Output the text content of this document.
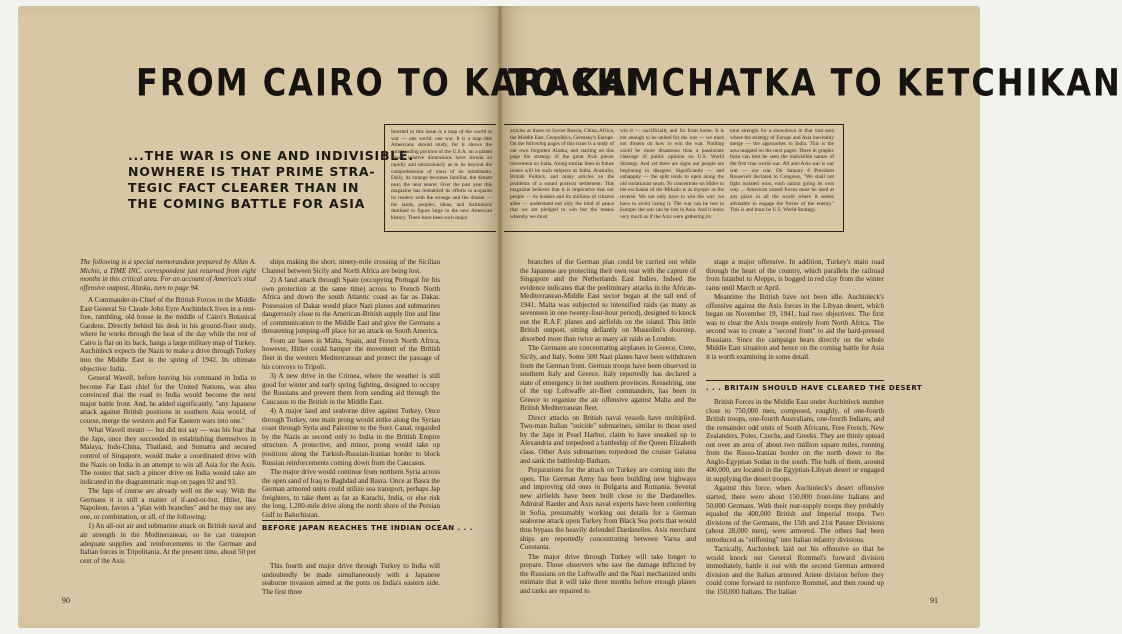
FROM CAIRO TO KARACHI
TO KAMCHATKA TO KETCHIKAN
...THE WAR IS ONE AND INDIVISIBLE.
NOWHERE IS THAT PRIME STRA-
TEGIC FACT CLEARER THAN IN
THE COMING BATTLE FOR ASIA
Inserted in this issue is a map of the world at war — one world, one war. It is a map that Americans should study, for it shows the commanding position of the U.S.A. on a planet whose relative dimensions have shrunk so rapidly and miraculously as to be beyond the comprehension of most of its inhabitants. Daily, its strange becomes familiar, the distant near, the near nearer. Over the past year this magazine has redoubled its efforts to acquaint its readers with the strange and the distant — the lands, peoples, ideas, and institutions destined to figure large in the new American history. There have been such major
articles as those on Soviet Russia, China, Africa, the Middle East, Geopolitics, Germany's Europe. On the following pages of this issue is a study of our own forgotten Alaska, and starting on this page the strategy of the great Axis pincer movement on India. Along similar lines in future issues will be such subjects as India, Australia, British Politics, and many articles on the problems of a sound postwar settlement. This magazine believes that it is imperative that our people — its leaders and its millions of citizens alike — understand not only the kind of peace that we are pledged to win but the means whereby we must
win it — sacrificially and far from home. It is not enough to be united for the war — we must not dissent on how to win the war. Nothing could be more disastrous than a passionate cleavage of public opinion on U.S. World Strategy. And yet there are signs our people are beginning to disagree. Significantly — and unhappily — the split tends to open along the old isolationist seam. To concentrate on Hitler to the exclusion of the Mikado is as myopic as the reverse. We not only have to win the war: we have to avoid losing it. The war can be lost in Europe; the war can be lost in Asia. And it looks very much as if the Axis were gathering its
total strength for a showdown in that vast area where the strategy of Europe and Asia inevitably merge — the approaches to India. This is the area mapped on the next pages. There in graphic form can best be seen the indivisible nature of the first true world war. All anti-Axis war is our war — our war. On January 6 President Roosevelt declared to Congress, "We shall not fight isolated wars, each nation going its own way ... American armed forces must be used at any place in all the world where it seems advisable to engage the forces of the enemy." This is and must be U.S. World Strategy.

The following is a special memorandum prepared by Allan A. Michie, a TIME INC. correspondent just returned from eight months in this critical area. For an account of America's vital offensive outpost, Alaska, turn to page 94.

A Commander-in-Chief of the British Forces in the Middle East General Sir Claude John Eyre Auchinleck lives in a rent-free, rambling, old house in the middle of Cairo's Botanical Gardens. Directly behind his desk in his ground-floor study, where he works through the heat of the day while the rest of Cairo is flat on its back, hangs a large military map of Turkey. Auchinleck expects the Nazis to make a drive through Turkey into the Middle East in the spring of 1942. Its ultimate objective: India.

General Wavell, before leaving his command in India to become Far East chief for the United Nations, was also convinced that the road to India would become the next major battle front. And, he added significantly, "any Japanese attack against British positions in southern Asia would, of course, merge the western and Far Eastern wars into one."

What Wavell meant — but did not say — was his fear that the Japs, once they succeeded in establishing themselves in Malaya, Indo-China, Thailand, and Sumatra and secured control of Singapore, would make a coordinated drive with the Nazis on India in an attempt to win all Asia for the Axis. The routes that such a pincer drive on India would take are indicated in the diagrammatic map on pages 92 and 93.

The Japs of course are already well on the way. With the Germans it is still a matter of if-and-or-but. Hitler, like Napoleon, favors a "plan with branches" and he may use any one, or combination, or all, of the following:

1) An all-out air and submarine attack on British naval and air strength in the Mediterranean, so he can transport adequate supplies and reinforcements to the German and Italian forces in Tripolitania. At the present time, about 50 per cent of the Axis

ships making the short, ninety-mile crossing of the Sicilian Channel between Sicily and North Africa are being lost.

2) A land attack through Spain (occupying Portugal for his own protection at the same time) across to French North Africa and down the south Atlantic coast as far as Dakar. Possession of Dakar would place Nazi planes and submarines dangerously close to the American-British supply line and line of communication to the Middle East and give the Germans a threatening jumping-off place for an attack on South America.

From air bases in Malta, Spain, and French North Africa, however, Hitler could hamper the movement of the British fleet in the western Mediterranean and protect the passage of his convoys to Tripoli.

3) A new drive in the Crimea, where the weather is still good for winter and early spring fighting, designed to occupy the Russians and prevent them from sending aid through the Caucasus to the British in the Middle East.

4) A major land and seaborne drive against Turkey. Once through Turkey, one main prong would strike along the Syrian coast through Syria and Palestine to the Suez Canal, regarded by the Nazis as second only to India in the British Empire structure. A protective, and minor, prong would take up positions along the Turkish-Russian-Iranian border to block Russian reinforcements coming down from the Caucasus.

The major drive would continue from northern Syria across the open sand of Iraq to Baghdad and Basra. Once at Basra the German armored units could utilize sea transport, perhaps Jap freighters, to take them as far as Karachi, India, or else risk the long, 1,200-mile drive along the north shore of the Persian Gulf to Baluchistan.

BEFORE JAPAN REACHES THE INDIAN OCEAN . . .

This fourth and major drive through Turkey to India will undoubtedly be made simultaneously with a Japanese seaborne invasion aimed at the ports on India's eastern side. The first three

branches of the German plan could be carried out while the Japanese are protecting their own rear with the capture of Singapore and the Netherlands East Indies. Indeed the evidence indicates that the preliminary attacks in the African-Mediterranean-Middle East sector began at the tail end of 1941. Malta was subjected to intensified raids (as many as seventeen in one twenty-four-hour period), designed to knock out the R.A.F. planes and airfields on the island. This little British outpost, sitting defiantly on Mussolini's doorstep, absorbed more than twice as many air raids as London.

The Germans are concentrating airplanes in Greece, Crete, Sicily, and Italy. Some 500 Nazi planes have been withdrawn from the German front. German troops have been observed in southern Italy and Greece. Italy reportedly has declared a state of emergency in her southern provinces. Kesselring, one of the top Luftwaffe air-fleet commanders, has been in Greece to organize the air offensive against Malta and the British Mediterranean fleet.

Direct attacks on British naval vessels have multiplied. Two-man Italian "suicide" submarines, similar to those used by the Japs in Pearl Harbor, claim to have sneaked up to Alexandria and torpedoed a battleship of the Queen Elizabeth class. Other Axis submarines torpedoed the cruiser Galatea and sank the battleship Barham.

Preparations for the attack on Turkey are coming into the open. The German Army has been building new highways and improving old ones in Bulgaria and Rumania. Several new airfields have been built close to the Dardanelles. Admiral Raeder and Axis naval experts have been conferring in Sofia, presumably working out details for a German seaborne attack upon Turkey from Black Sea ports that would thus bypass the heavily defended Dardanelles. Axis merchant ships are reportedly concentrating between Varna and Constanta.

The major drive through Turkey will take longer to prepare. Those observers who saw the damage inflicted by the Russians on the Luftwaffe and the Nazi mechanized units estimate that it will take three months before enough planes and tanks are repaired to

stage a major offensive. In addition, Turkey's main road through the heart of the country, which parallels the railroad from Istanbul to Aleppo, is bogged in red clay from the winter rains until March or April.

Meantime the British have not been idle. Auchinleck's offensive against the Axis forces in the Libyan desert, which began on November 19, 1941, had two objectives. The first was to clear the Axis troops entirely from North Africa. The second was to create a "second front" to aid the hard-pressed Russians. Since the campaign bears directly on the whole Middle East situation and hence on the coming battle for Asia it is worth examining in some detail.

. . . BRITAIN SHOULD HAVE CLEARED THE DESERT

British Forces in the Middle East under Auchinleck number close to 750,000 men, composed, roughly, of one-fourth British troops, one-fourth Australians, one-fourth Indians, and the remainder odd units of South Africans, Free French, New Zealanders, Poles, Czechs, and Greeks. They are thinly spread out over an area of about two million square miles, running from the Russo-Iranian border on the north down to the Anglo-Egyptian Sudan in the south. The bulk of them, around 400,000, are located in the Egyptian-Libyan desert or engaged in supplying the desert troops.

Against this force, when Auchinleck's desert offensive started, there were about 150,000 front-line Italians and 50,000 Germans. With their rear-supply troops they probably equaled the 400,000 British and Imperial troops. Two divisions of the Germans, the 15th and 21st Panzer Divisions (about 28,000 men), were armored. The others had been introduced as "stiffening" into Italian infantry divisions.

Tactically, Auchinleck laid out his offensive so that he would knock out General Rommel's forward division immediately, battle it out with the second German armored division and the Italian armored Ariete division before they could come forward to reinforce Rommel, and then round up the 150,000 Italians. The Italian

90	91
